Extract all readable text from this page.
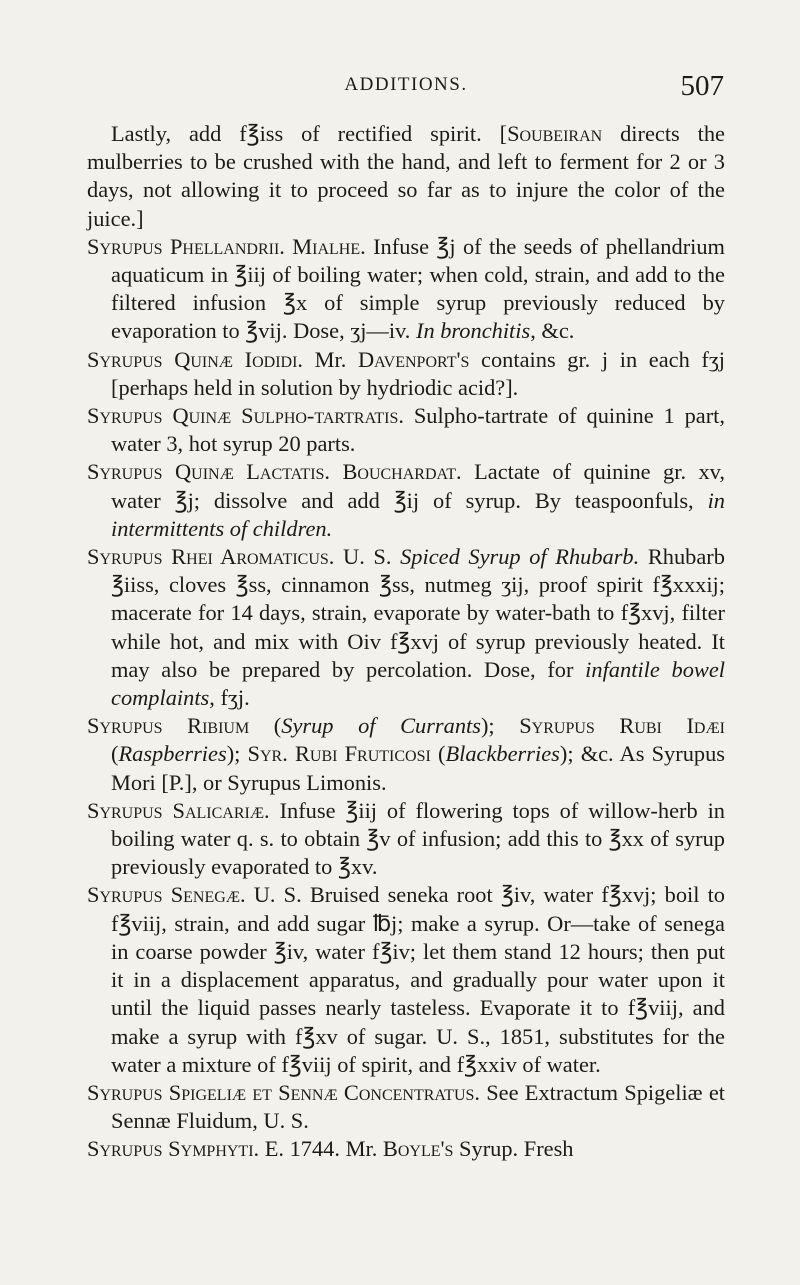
ADDITIONS.	507
Lastly, add f℥iss of rectified spirit. [Soubeiran directs the mulberries to be crushed with the hand, and left to ferment for 2 or 3 days, not allowing it to proceed so far as to injure the color of the juice.]
Syrupus Phellandrii. Mialhe. Infuse ℥j of the seeds of phellandrium aquaticum in ℥iij of boiling water; when cold, strain, and add to the filtered infusion ℥x of simple syrup previously reduced by evaporation to ℥vij. Dose, ʒj—iv. In bronchitis, &c.
Syrupus Quinæ Iodidi. Mr. Davenport's contains gr. j in each fʒj [perhaps held in solution by hydriodic acid?].
Syrupus Quinæ Sulpho-tartratis. Sulpho-tartrate of quinine 1 part, water 3, hot syrup 20 parts.
Syrupus Quinæ Lactatis. Bouchardat. Lactate of quinine gr. xv, water ℥j; dissolve and add ℥ij of syrup. By teaspoonfuls, in intermittents of children.
Syrupus Rhei Aromaticus. U. S. Spiced Syrup of Rhubarb. Rhubarb ℥iiss, cloves ℥ss, cinnamon ℥ss, nutmeg ʒij, proof spirit f℥xxxij; macerate for 14 days, strain, evaporate by water-bath to f℥xvj, filter while hot, and mix with Oiv f℥xvj of syrup previously heated. It may also be prepared by percolation. Dose, for infantile bowel complaints, fʒj.
Syrupus Ribium (Syrup of Currants); Syrupus Rubi Idæi (Raspberries); Syr. Rubi Fruticosi (Blackberries); &c. As Syrupus Mori [P.], or Syrupus Limonis.
Syrupus Salicariæ. Infuse ℥iij of flowering tops of willow-herb in boiling water q. s. to obtain ℥v of infusion; add this to ℥xx of syrup previously evaporated to ℥xv.
Syrupus Senegæ. U. S. Bruised seneka root ℥iv, water f℥xvj; boil to f℥viij, strain, and add sugar ℔j; make a syrup. Or—take of senega in coarse powder ℥iv, water f℥iv; let them stand 12 hours; then put it in a displacement apparatus, and gradually pour water upon it until the liquid passes nearly tasteless. Evaporate it to f℥viij, and make a syrup with f℥xv of sugar. U. S., 1851, substitutes for the water a mixture of f℥viij of spirit, and f℥xxiv of water.
Syrupus Spigeliæ et Sennæ Concentratus. See Extractum Spigeliæ et Sennæ Fluidum, U. S.
Syrupus Symphyti. E. 1744. Mr. Boyle's Syrup. Fresh
